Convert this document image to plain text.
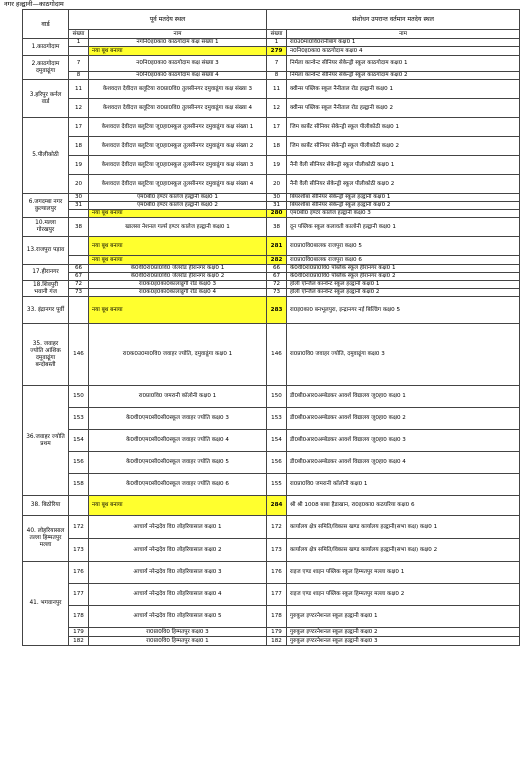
नगर हल्द्वानी—काठगोदाम
वार्ड	पूर्व मतदेय स्थल		संशोधन उपरान्त वर्तमान मतदेय स्थल	
	संख्या	नाम	संख्या	नाम
1.काठगोदाम	1	नगनि0इ0का0 काठगोदाम कक्ष संख्या 1	1	रा0उ0मा0वि0रानीबाग कक्ष0 1
		नया बूथ बनाया	279	न0नि0इ0का0 काठगोदाम कक्ष0 4
2.काठगोदाम दमुवाढूंगा	7	न0नि0इ0का0 काठगोदाम कक्ष संख्या 3	7	निर्मला कान्वेन्ट सीनियर सेकेन्ड्री स्कूल काठगोदाम कक्ष0 1
	8	न0नि0इ0का0 काठगोदाम कक्ष संख्या 4	8	निर्मला कान्वेन्ट सीनियर सेकेन्ड्री स्कूल काठगोदाम कक्ष0 2
3.हरिपुर कर्नल वार्ड	11	केशवदत्त देवीदत्त बलूटिया रा0प्रा0वि0 तुलसीनगर दमुवाढूंगा कक्ष संख्या 3	11	क्वीन्स पब्लिक स्कूल नैनीताल रोड हल्द्वानी कक्ष0 1
	12	केशवदत्त देवीदत्त बलूटिया रा0प्रा0वि0 तुलसीनगर दमुवाढूंगा कक्ष संख्या 4	12	क्वीन्स पब्लिक स्कूल नैनीताल रोड हल्द्वानी कक्ष0 2
5.पीलीकोठी	17	केशवदत्त देवीदत्त बलूटिया जू0हा0स्कूल तुलसीनगर दमुवाढूंगा कक्ष संख्या 1	17	जिम कार्बेट सीनियर सेकेन्ड्री स्कूल पीलीकोठी कक्ष0 1
	18	केशवदत्त देवीदत्त बलूटिया जू0हा0स्कूल तुलसीनगर दमुवाढूंगा कक्ष संख्या 2	18	जिम कार्बेट सीनियर सेकेन्ड्री स्कूल पीलीकोठी कक्ष0 2
	19	केशवदत्त देवीदत्त बलूटिया जू0हा0स्कूल तुलसीनगर दमुवाढूंगा कक्ष संख्या 3	19	नैनी वैली सीनियर सेकेन्ड्री स्कूल पीलीकोठी कक्ष0 1
	20	केशवदत्त देवीदत्त बलूटिया जू0हा0स्कूल तुलसीनगर दमुवाढूंगा कक्ष संख्या 4	20	नैनी वैली सीनियर सेकेन्ड्री स्कूल पीलीकोठी कक्ष0 2
6.जगदम्बा नगर कुल्यालपुर	30	एम0बी0 इण्टर कालेज हल्द्वानी कक्ष0 1	30	बियरशीबा सीनियर सेकेन्ड्री स्कूल हल्द्वानी कक्ष0 1
	31	एम0बी0 इण्टर कालेज हल्द्वानी कक्ष0 2	31	बियरशीबा सीनियर सेकेन्ड्री स्कूल हल्द्वानी कक्ष0 2
		नया बूथ बनाया	280	एम0बी0 इण्टर कालेज हल्द्वानी कक्ष0 3
10.मल्ला गोरखपुर	38	खालसा नेशनल गर्ल्स इण्टर कालेज हल्द्वानी कक्ष0 1	38	दून पब्लिक स्कूल कलावती कालोनी हल्द्वानी कक्ष0 1
13.राजपुरा पड़ाव		नया बूथ बनाया	281	रा0प्रा0वि0बालक राजपुरा कक्ष0 5
		नया बूथ बनाया	282	रा0प्रा0वि0बालक राजपुरा कक्ष0 6
17.हीरानगर	66	के0वी0रा0प्रा0वि0 जेलरोड हीरानगर कक्ष0 1	66	के0वी0रा0प्रा0वि0 पब्लिक स्कूल हीरानगर कक्ष0 1
	67	के0वी0रा0प्रा0वि0 जेलरोड हीरानगर कक्ष0 2	67	के0वी0रा0प्रा0वि0 पब्लिक स्कूल हीरानगर कक्ष0 2
18.शिवपुरी भवानी गंज	72	रा0क0इ0का0कालाढूंगी रोड कक्ष0 3	72	होली एन्जिल कान्वेन्ट स्कूल हल्द्वानी कक्ष0 1
	73	रा0क0इ0का0कालाढूंगी रोड कक्ष0 4	73	होली एन्जिल कान्वेन्ट स्कूल हल्द्वानी कक्ष0 2
33. इंद्रानगर पूर्वी		नया बूथ बनाया	283	रा0इ0का0 बनभूलपुरा, इन्द्रानगर नई बिल्डिंग कक्ष0 5
35. जवाहर ज्योति आंशिक दमुवाढूंगा बन्दोबस्ती	146	रा0क0उ0मा0वि0 जवाहर ज्योति, दमुवाढूंगा कक्ष0 1	146	रा0प्रा0वि0 जवाहर ज्योति, दमुवाढूंगा कक्ष0 3
36.जवाहर ज्योति प्रथम	150	रा0प्रा0वि0 जमरानी कॉलोनी कक्ष0 1	150	डी0बी0आर0अम्बेडकर आवर्श विद्यालय जू0हा0 कक्ष0 1
	153	के0वी0एम0सी0सी0स्कूल जवाहर ज्योति कक्ष0 3	153	डी0बी0आर0अम्बेडकर आवर्श विद्यालय जू0हा0 कक्ष0 2
	154	के0वी0एम0सी0सी0स्कूल जवाहर ज्योति कक्ष0 4	154	डी0बी0आर0अम्बेडकर आवर्श विद्यालय जू0हा0 कक्ष0 3
	156	के0वी0एम0सी0सी0स्कूल जवाहर ज्योति कक्ष0 5	156	डी0बी0आर0अम्बेडकर आवर्श विद्यालय जू0हा0 कक्ष0 4
	158	के0वी0एम0सी0सी0स्कूल जवाहर ज्योति कक्ष0 6	155	रा0प्रा0वि0 जमरानी कॉलोनी कक्ष0 1
38. बिठोरिया		नया बूथ बनाया	284	श्री श्री 1008 बाबा हैडाखान, रा0इ0का0 कठघरिया कक्ष0 6
40. लोहरियासाल तल्ला हिम्मतपुर मल्ला	172	आचार्य नरेन्द्रदेव वि0 लोहरियासाल कक्ष0 1	172	कार्यालय क्षेत्र समिति/विकास खण्ड कार्यालय हल्द्वानी(सभा कक्ष) कक्ष0 1
	173	आचार्य नरेन्द्रदेव वि0 लोहरियासाल कक्ष0 2	173	कार्यालय क्षेत्र समिति/विकास खण्ड कार्यालय हल्द्वानी(सभा कक्ष) कक्ष0 2
41. भगवानपुर	176	आचार्य नरेन्द्रदेव वि0 लोहरियासाल कक्ष0 3	176	राइज एण्ड शाइन पब्लिक स्कूल हिम्मतपुर मल्ला कक्ष0 1
	177	आचार्य नरेन्द्रदेव वि0 लोहरियासाल कक्ष0 4	177	राइज एण्ड शाइन पब्लिक स्कूल हिम्मतपुर मल्ला कक्ष0 2
	178	आचार्य नरेन्द्रदेव वि0 लोहरियासाल कक्ष0 5	178	गुरुकुल इण्टरनेशनल स्कूल हल्द्वानी कक्ष0 1
	179	रा0प्रा0वि0 हिम्मतपुर कक्ष0 3	179	गुरुकुल इण्टरनेशनल स्कूल हल्द्वानी कक्ष0 2
	182	रा0प्रा0वि0 हिम्मतपुर कक्ष0 1	182	गुरुकुल इण्टरनेशनल स्कूल हल्द्वानी कक्ष0 3
